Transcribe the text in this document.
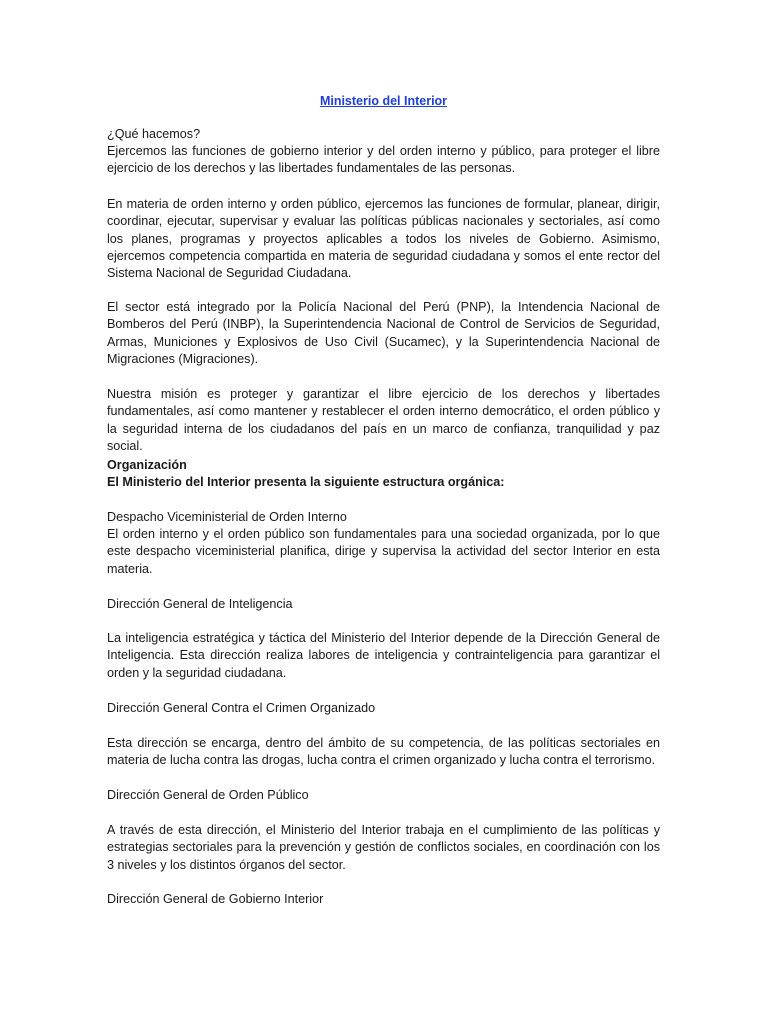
Ministerio del Interior
¿Qué hacemos?
Ejercemos las funciones de gobierno interior y del orden interno y público, para proteger el libre ejercicio de los derechos y las libertades fundamentales de las personas.
En materia de orden interno y orden público, ejercemos las funciones de formular, planear, dirigir, coordinar, ejecutar, supervisar y evaluar las políticas públicas nacionales y sectoriales, así como los planes, programas y proyectos aplicables a todos los niveles de Gobierno. Asimismo, ejercemos competencia compartida en materia de seguridad ciudadana y somos el ente rector del Sistema Nacional de Seguridad Ciudadana.
El sector está integrado por la Policía Nacional del Perú (PNP), la Intendencia Nacional de Bomberos del Perú (INBP), la Superintendencia Nacional de Control de Servicios de Seguridad, Armas, Municiones y Explosivos de Uso Civil (Sucamec), y la Superintendencia Nacional de Migraciones (Migraciones).
Nuestra misión es proteger y garantizar el libre ejercicio de los derechos y libertades fundamentales, así como mantener y restablecer el orden interno democrático, el orden público y la seguridad interna de los ciudadanos del país en un marco de confianza, tranquilidad y paz social.
Organización
El Ministerio del Interior presenta la siguiente estructura orgánica:
Despacho Viceministerial de Orden Interno
El orden interno y el orden público son fundamentales para una sociedad organizada, por lo que este despacho viceministerial planifica, dirige y supervisa la actividad del sector Interior en esta materia.
Dirección General de Inteligencia
La inteligencia estratégica y táctica del Ministerio del Interior depende de la Dirección General de Inteligencia. Esta dirección realiza labores de inteligencia y contrainteligencia para garantizar el orden y la seguridad ciudadana.
Dirección General Contra el Crimen Organizado
Esta dirección se encarga, dentro del ámbito de su competencia, de las políticas sectoriales en materia de lucha contra las drogas, lucha contra el crimen organizado y lucha contra el terrorismo.
Dirección General de Orden Público
A través de esta dirección, el Ministerio del Interior trabaja en el cumplimiento de las políticas y estrategias sectoriales para la prevención y gestión de conflictos sociales, en coordinación con los 3 niveles y los distintos órganos del sector.
Dirección General de Gobierno Interior
